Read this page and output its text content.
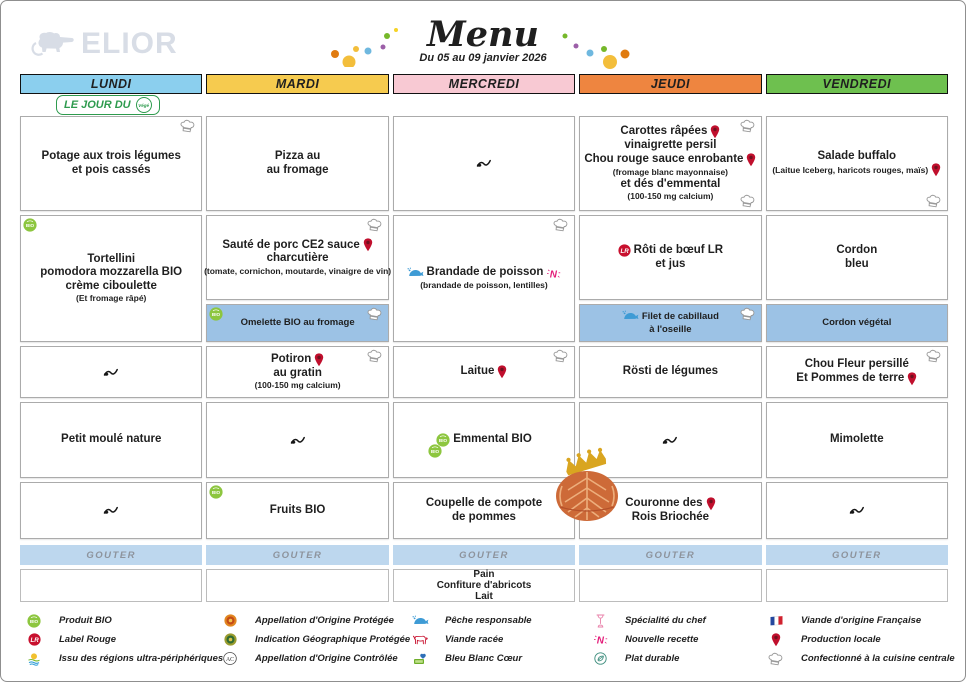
ELIOR	Menu
Du 05 au 09 janvier 2026
LUNDI
LE JOUR DU	Végé
Potage aux trois légumes
et pois cassés
BIO
Tortellini
pomodora mozzarella BIO
crème ciboulette
(Et fromage râpé)
Petit moulé nature
GOUTER
MARDI
Pizza au
au fromage
Sauté de porc CE2 sauce
charcutière
(tomate, cornichon, moutarde, vinaigre de vin)
BIO
Omelette BIO au fromage
Potiron
au gratin
(100-150 mg calcium)
BIO
Fruits BIO
GOUTER
MERCREDI
Brandade de poisson N
(brandade de poisson, lentilles)
Laitue
BIO
BIO Emmental BIO
Coupelle de compote
de pommes
GOUTER
Pain
Confiture d'abricots
Lait
JEUDI
Carottes râpées
vinaigrette persil
Chou rouge sauce enrobante
(fromage blanc mayonnaise)
et dés d'emmental
(100-150 mg calcium)
LR Rôti de bœuf LR
et jus
Filet de cabillaud
à l'oseille
Rösti de légumes
Couronne des
Rois Briochée
GOUTER
VENDREDI
Salade buffalo
(Laitue Iceberg, haricots rouges, maïs)
Cordon
bleu
Cordon végétal
Chou Fleur persillé
Et Pommes de terre
Mimolette
GOUTER
BIO Produit BIO
LR Label Rouge
Issu des régions ultra-périphériques
Appellation d'Origine Protégée
Indication Géographique Protégée
AC Appellation d'Origine Contrôlée
Pêche responsable
Viande racée
Bleu Blanc Cœur
Spécialité du chef
N Nouvelle recette
Plat durable
Viande d'origine Française
Production locale
Confectionné à la cuisine centrale
